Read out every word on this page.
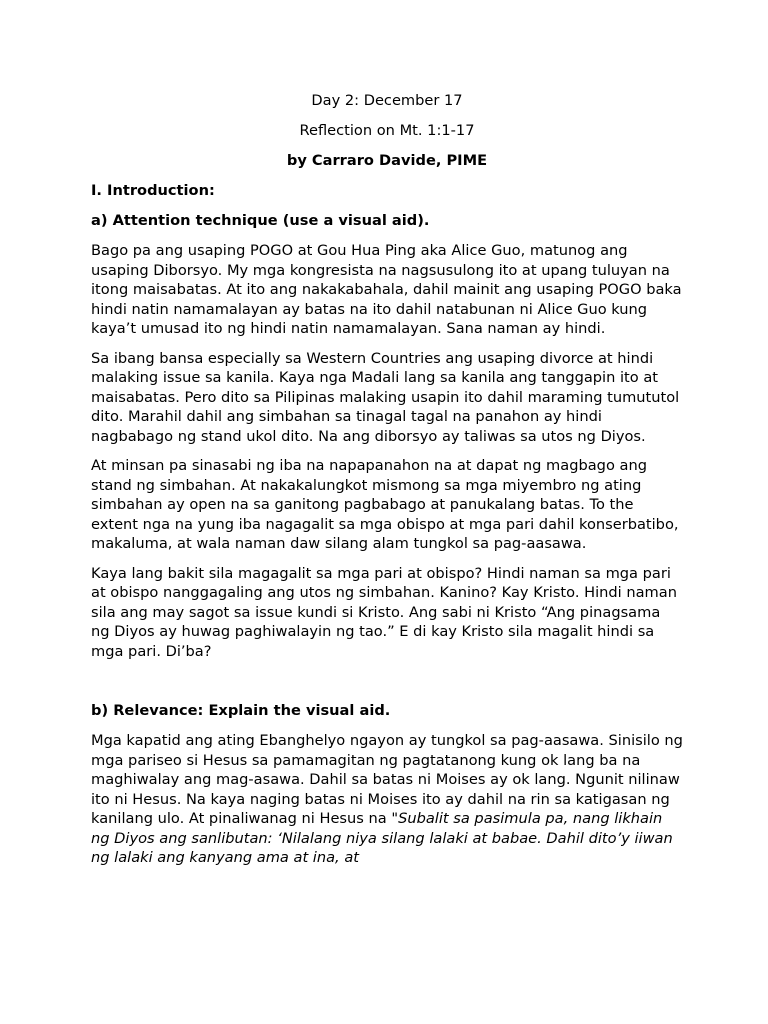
Day 2: December 17
Reflection on Mt. 1:1-17
by Carraro Davide, PIME
I. Introduction:
a) Attention technique (use a visual aid).

Bago pa ang usaping POGO at Gou Hua Ping aka Alice Guo, matunog ang usaping Diborsyo. My mga kongresista na nagsusulong ito at upang tuluyan na itong maisabatas. At ito ang nakakabahala, dahil mainit ang usaping POGO baka hindi natin namamalayan ay batas na ito dahil natabunan ni Alice Guo kung kaya’t umusad ito ng hindi natin namamalayan. Sana naman ay hindi.

Sa ibang bansa especially sa Western Countries ang usaping divorce at hindi malaking issue sa kanila. Kaya nga Madali lang sa kanila ang tanggapin ito at maisabatas. Pero dito sa Pilipinas malaking usapin ito dahil maraming tumututol dito. Marahil dahil ang simbahan sa tinagal tagal na panahon ay hindi nagbabago ng stand ukol dito. Na ang diborsyo ay taliwas sa utos ng Diyos.

At minsan pa sinasabi ng iba na napapanahon na at dapat ng magbago ang stand ng simbahan. At nakakalungkot mismong sa mga miyembro ng ating simbahan ay open na sa ganitong pagbabago at panukalang batas. To the extent nga na yung iba nagagalit sa mga obispo at mga pari dahil konserbatibo, makaluma, at wala naman daw silang alam tungkol sa pag-aasawa.

Kaya lang bakit sila magagalit sa mga pari at obispo? Hindi naman sa mga pari at obispo nanggagaling ang utos ng simbahan. Kanino? Kay Kristo. Hindi naman sila ang may sagot sa issue kundi si Kristo. Ang sabi ni Kristo “Ang pinagsama ng Diyos ay huwag paghiwalayin ng tao.” E di kay Kristo sila magalit hindi sa mga pari. Di’ba?

b) Relevance: Explain the visual aid.

Mga kapatid ang ating Ebanghelyo ngayon ay tungkol sa pag-aasawa. Sinisilo ng mga pariseo si Hesus sa pamamagitan ng pagtatanong kung ok lang ba na maghiwalay ang mag-asawa. Dahil sa batas ni Moises ay ok lang. Ngunit nilinaw ito ni Hesus. Na kaya naging batas ni Moises ito ay dahil na rin sa katigasan ng kanilang ulo. At pinaliwanag ni Hesus na "Subalit sa pasimula pa, nang likhain ng Diyos ang sanlibutan: ‘Nilalang niya silang lalaki at babae. Dahil dito’y iiwan ng lalaki ang kanyang ama at ina, at
